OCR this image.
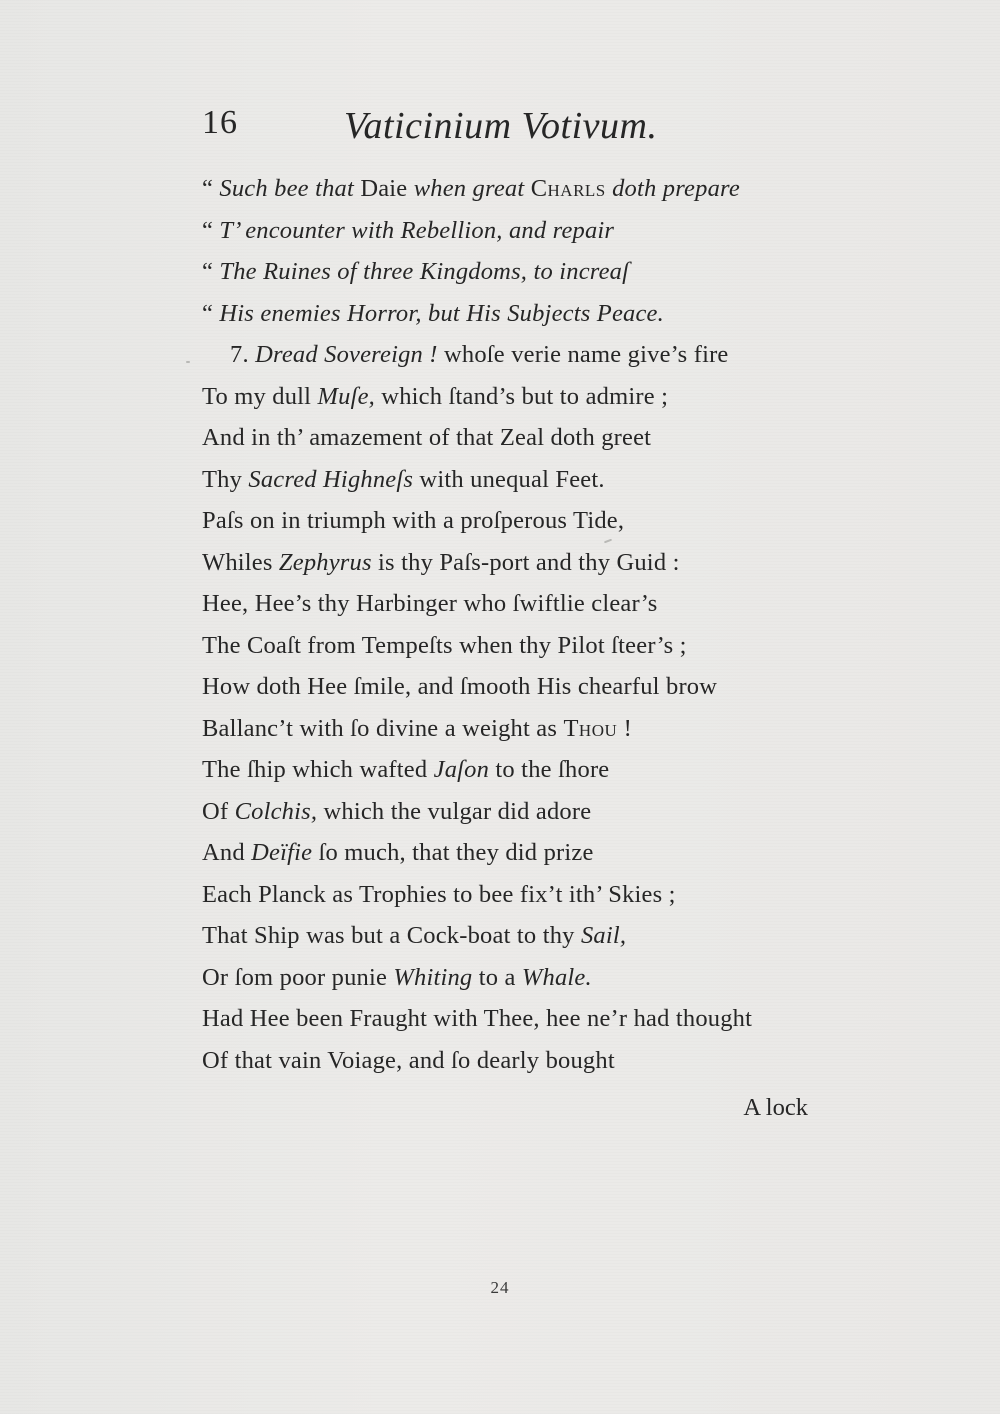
16	Vaticinium Votivum.

“ Such bee that Daie when great Charls doth prepare
“ T’ encounter with Rebellion, and repair
“ The Ruines of three Kingdoms, to increaſ
“ His enemies Horror, but His Subjects Peace.
7. Dread Sovereign ! whoſe verie name give’s fire
To my dull Muſe, which ſtand’s but to admire ;
And in th’ amazement of that Zeal doth greet
Thy Sacred Highneſs with unequal Feet.
Paſs on in triumph with a proſperous Tide,
Whiles Zephyrus is thy Paſs-port and thy Guid :
Hee, Hee’s thy Harbinger who ſwiftlie clear’s
The Coaſt from Tempeſts when thy Pilot ſteer’s ;
How doth Hee ſmile, and ſmooth His chearful brow
Ballanc’t with ſo divine a weight as Thou !
The ſhip which wafted Jaſon to the ſhore
Of Colchis, which the vulgar did adore
And Deïfie ſo much, that they did prize
Each Planck as Trophies to bee fix’t ith’ Skies ;
That Ship was but a Cock-boat to thy Sail,
Or ſom poor punie Whiting to a Whale.
Had Hee been Fraught with Thee, hee ne’r had thought
Of that vain Voiage, and ſo dearly bought
A lock
24
